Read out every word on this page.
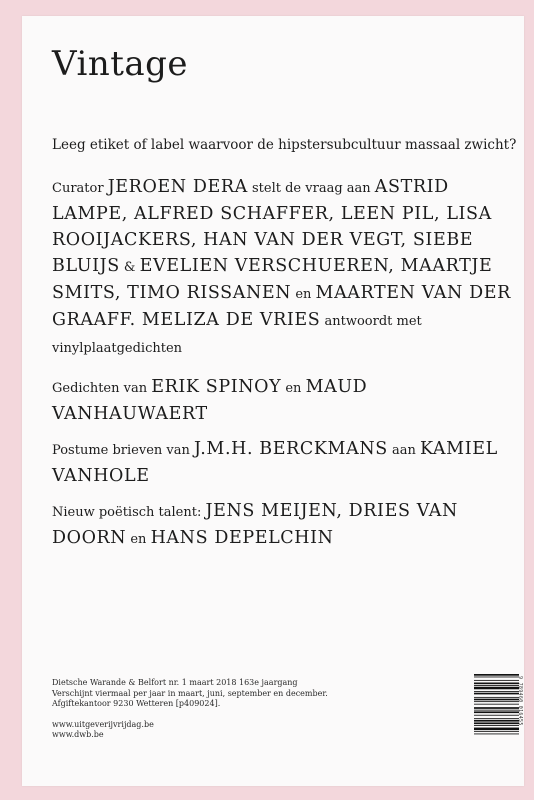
Vintage
Leeg etiket of label waarvoor de hipstersubcultuur massaal zwicht?

Curator JEROEN DERA stelt de vraag aan ASTRID LAMPE, ALFRED SCHAFFER, LEEN PIL, LISA ROOIJACKERS, HAN VAN DER VEGT, SIEBE BLUIJS & EVELIEN VERSCHUEREN, MAARTJE SMITS, TIMO RISSANEN en MAARTEN VAN DER GRAAFF. MELIZA DE VRIES antwoordt met vinylplaatgedichten

Gedichten van ERIK SPINOY en MAUD VANHAUWAERT

Postume brieven van J.M.H. BERCKMANS aan KAMIEL VANHOLE

Nieuw poëtisch talent: JENS MEIJEN, DRIES VAN DOORN en HANS DEPELCHIN

Dietsche Warande & Belfort nr. 1 maart 2018 163e jaargang
Verschijnt viermaal per jaar in maart, juni, september en december.
Afgiftekantoor 9230 Wetteren [p409024].
www.uitgeverijvrijdag.be
www.dwb.be
9 789460 016455
